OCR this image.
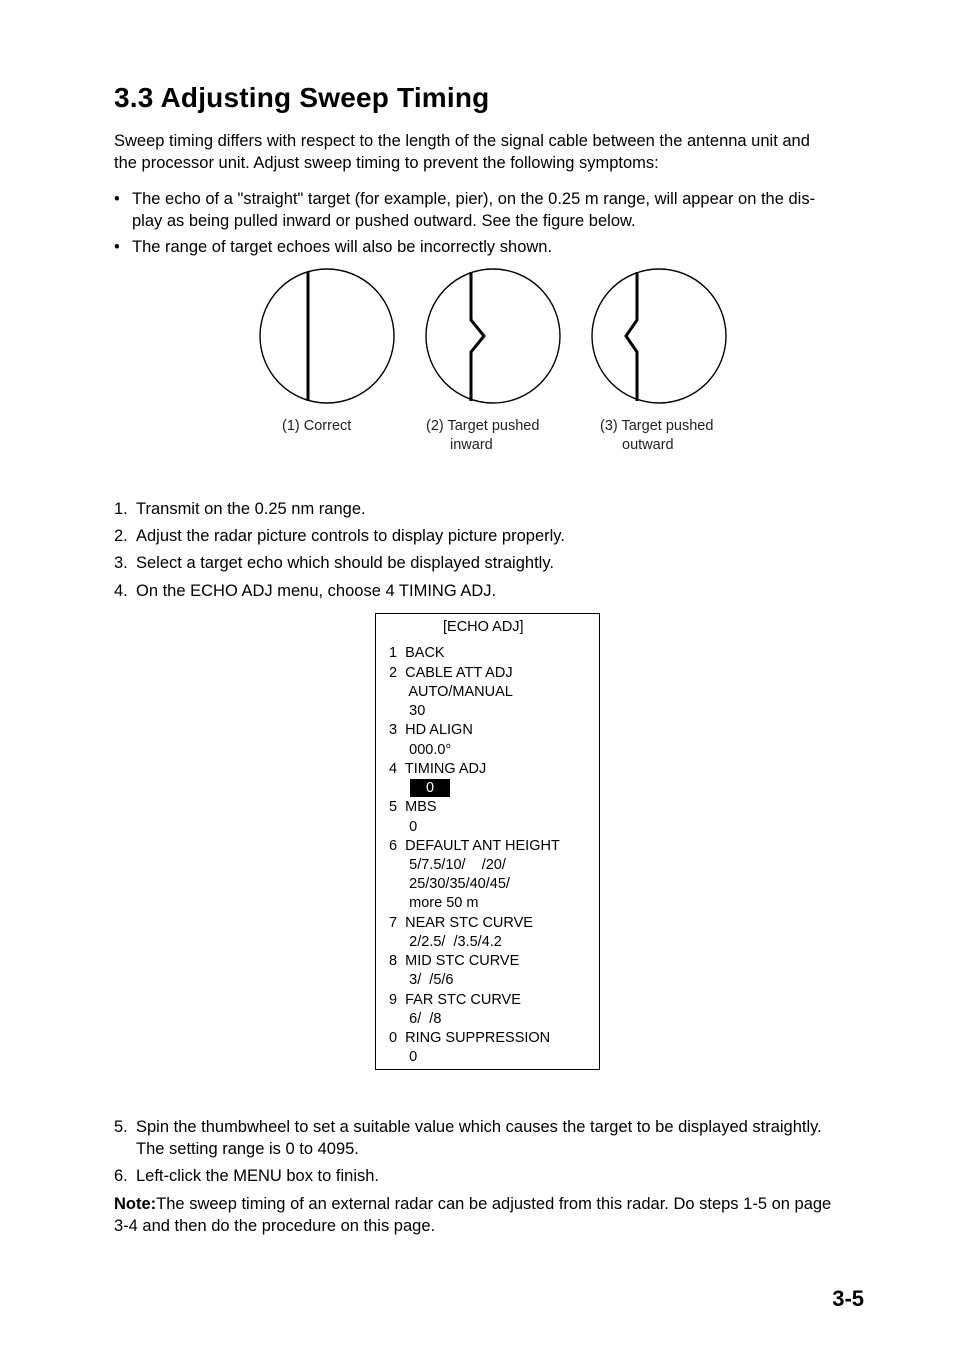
3.3 Adjusting Sweep Timing
Sweep timing differs with respect to the length of the signal cable between the antenna unit and
the processor unit. Adjust sweep timing to prevent the following symptoms:
• The echo of a "straight" target (for example, pier), on the 0.25 m range, will appear on the dis-
play as being pulled inward or pushed outward. See the figure below.
• The range of target echoes will also be incorrectly shown.
(1) Correct	(2) Target pushed
inward
(3) Target pushed
outward
1. Transmit on the 0.25 nm range.
2. Adjust the radar picture controls to display picture properly.
3. Select a target echo which should be displayed straightly.
4. On the ECHO ADJ menu, choose 4 TIMING ADJ.
[ECHO ADJ]
1  BACK
2  CABLE ATT ADJ
AUTO/MANUAL
30
3  HD ALIGN
000.0°
4  TIMING ADJ
0
5  MBS
0
6  DEFAULT ANT HEIGHT
5/7.5/10/    /20/
25/30/35/40/45/
more 50 m
7  NEAR STC CURVE
2/2.5/  /3.5/4.2
8  MID STC CURVE
3/  /5/6
9  FAR STC CURVE
6/  /8
0  RING SUPPRESSION
0
5. Spin the thumbwheel to set a suitable value which causes the target to be displayed straightly.
The setting range is 0 to 4095.
6. Left-click the MENU box to finish.
Note:The sweep timing of an external radar can be adjusted from this radar. Do steps 1-5 on page
3-4 and then do the procedure on this page.
3-5
